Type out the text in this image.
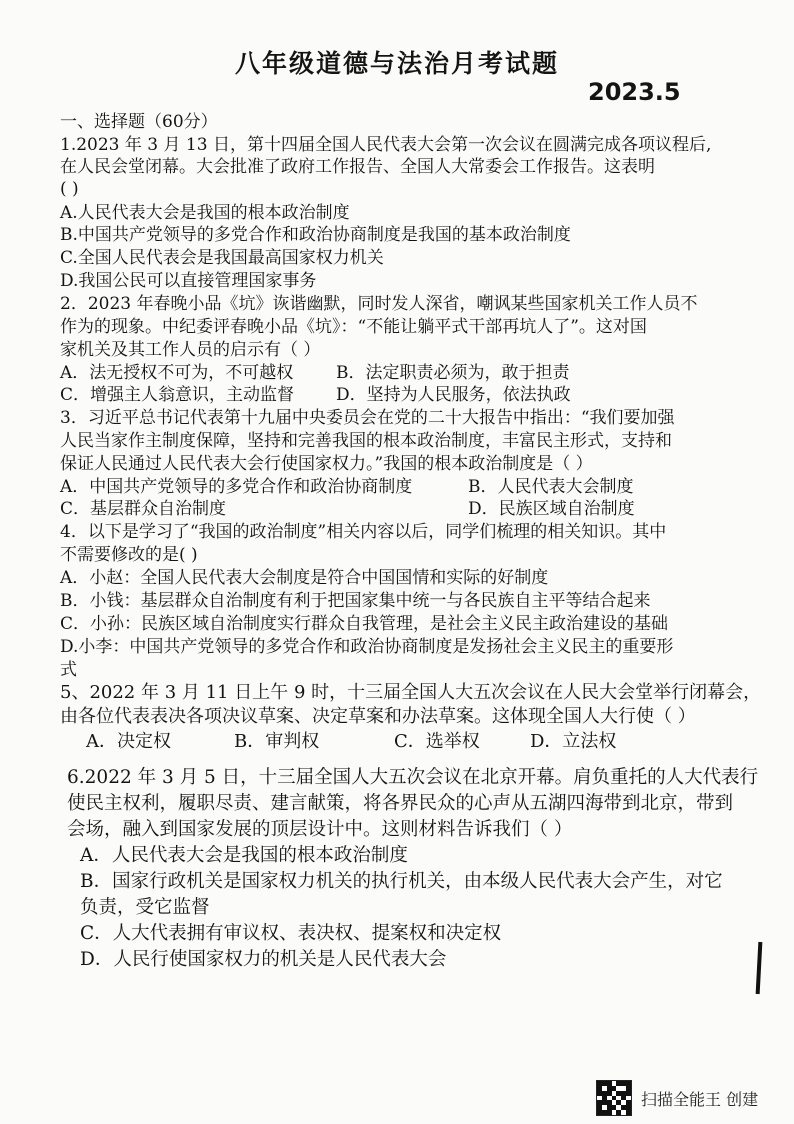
八年级道德与法治月考试题
2023.5
一、选择题（60分）
1.2023 年 3 月 13 日，第十四届全国人民代表大会第一次会议在圆满完成各项议程后,
在人民会堂闭幕。大会批准了政府工作报告、全国人大常委会工作报告。这表明
( )
A.人民代表大会是我国的根本政治制度
B.中国共产党领导的多党合作和政治协商制度是我国的基本政治制度
C.全国人民代表会是我国最高国家权力机关
D.我国公民可以直接管理国家事务
2．2023 年春晚小品《坑》诙谐幽默，同时发人深省，嘲讽某些国家机关工作人员不
作为的现象。中纪委评春晚小品《坑》：“不能让躺平式干部再坑人了”。这对国
家机关及其工作人员的启示有（ ）
A．法无授权不可为，不可越权	B．法定职责必须为，敢于担责
C．增强主人翁意识，主动监督 D．坚持为人民服务，依法执政
3．习近平总书记代表第十九届中央委员会在党的二十大报告中指出：“我们要加强
人民当家作主制度保障，坚持和完善我国的根本政治制度，丰富民主形式，支持和
保证人民通过人民代表大会行使国家权力。”我国的根本政治制度是（ ）
A．中国共产党领导的多党合作和政治协商制度	B．人民代表大会制度
C．基层群众自治制度	D．民族区域自治制度
4．以下是学习了“我国的政治制度”相关内容以后，同学们梳理的相关知识。其中
不需要修改的是( )
A．小赵：全国人民代表大会制度是符合中国国情和实际的好制度
B．小钱：基层群众自治制度有利于把国家集中统一与各民族自主平等结合起来
C．小孙：民族区域自治制度实行群众自我管理，是社会主义民主政治建设的基础
D.小李：中国共产党领导的多党合作和政治协商制度是发扬社会主义民主的重要形
式
5、2022 年 3 月 11 日上午 9 时，十三届全国人大五次会议在人民大会堂举行闭幕会，
由各位代表表决各项决议草案、决定草案和办法草案。这体现全国人大行使（ ）
A．决定权	B．审判权	C．选举权	D．立法权
6.2022 年 3 月 5 日，十三届全国人大五次会议在北京开幕。肩负重托的人大代表行
使民主权利，履职尽责、建言献策，将各界民众的心声从五湖四海带到北京，带到
会场，融入到国家发展的顶层设计中。这则材料告诉我们（ ）
A．人民代表大会是我国的根本政治制度
B．国家行政机关是国家权力机关的执行机关，由本级人民代表大会产生，对它
负责，受它监督
C．人大代表拥有审议权、表决权、提案权和决定权
D．人民行使国家权力的机关是人民代表大会
扫描全能王 创建
